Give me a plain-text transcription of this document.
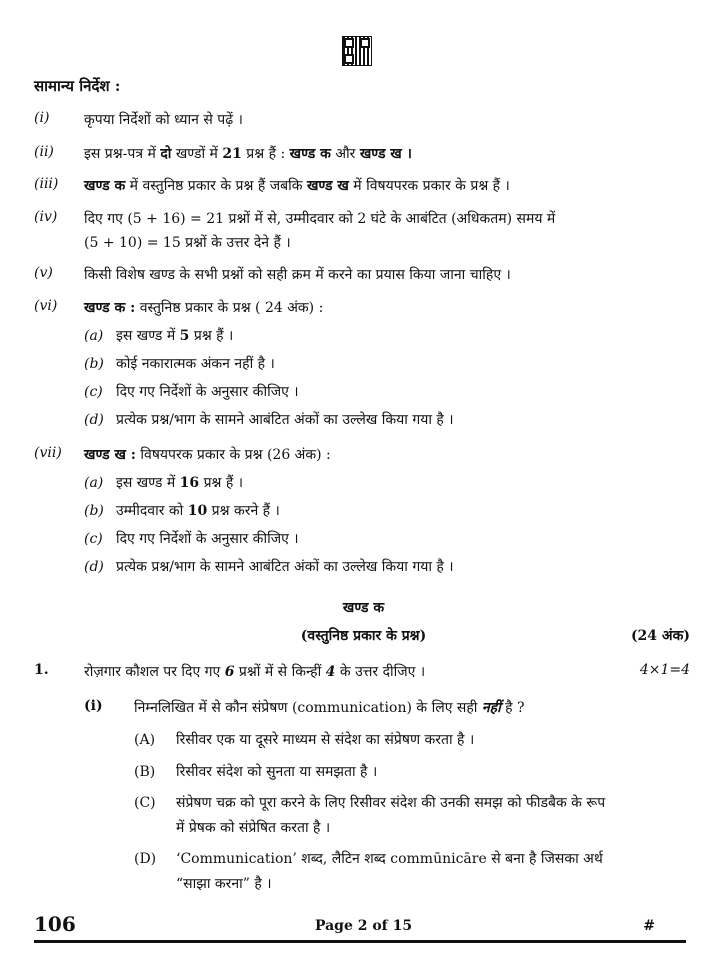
सामान्य निर्देश :
(i) कृपया निर्देशों को ध्यान से पढ़ें ।
(ii) इस प्रश्न-पत्र में दो खण्डों में 21 प्रश्न हैं : खण्ड क और खण्ड ख ।
(iii) खण्ड क में वस्तुनिष्ठ प्रकार के प्रश्न हैं जबकि खण्ड ख में विषयपरक प्रकार के प्रश्न हैं ।
(iv) दिए गए (5 + 16) = 21 प्रश्नों में से, उम्मीदवार को 2 घंटे के आबंटित (अधिकतम) समय में
(5 + 10) = 15 प्रश्नों के उत्तर देने हैं ।
(v) किसी विशेष खण्ड के सभी प्रश्नों को सही क्रम में करने का प्रयास किया जाना चाहिए ।
(vi) खण्ड क : वस्तुनिष्ठ प्रकार के प्रश्न ( 24 अंक) :
(a) इस खण्ड में 5 प्रश्न हैं ।
(b) कोई नकारात्मक अंकन नहीं है ।
(c) दिए गए निर्देशों के अनुसार कीजिए ।
(d) प्रत्येक प्रश्न/भाग के सामने आबंटित अंकों का उल्लेख किया गया है ।
(vii) खण्ड ख : विषयपरक प्रकार के प्रश्न (26 अंक) :
(a) इस खण्ड में 16 प्रश्न हैं ।
(b) उम्मीदवार को 10 प्रश्न करने हैं ।
(c) दिए गए निर्देशों के अनुसार कीजिए ।
(d) प्रत्येक प्रश्न/भाग के सामने आबंटित अंकों का उल्लेख किया गया है ।
खण्ड क
(वस्तुनिष्ठ प्रकार के प्रश्न)	(24 अंक)
1.	रोज़गार कौशल पर दिए गए 6 प्रश्नों में से किन्हीं 4 के उत्तर दीजिए ।	4×1=4
(i) निम्नलिखित में से कौन संप्रेषण (communication) के लिए सही नहीं है ?
(A) रिसीवर एक या दूसरे माध्यम से संदेश का संप्रेषण करता है ।
(B) रिसीवर संदेश को सुनता या समझता है ।
(C) संप्रेषण चक्र को पूरा करने के लिए रिसीवर संदेश की उनकी समझ को फीडबैक के रूप
में प्रेषक को संप्रेषित करता है ।
(D) ‘Communication’ शब्द, लैटिन शब्द commūnicāre से बना है जिसका अर्थ
“साझा करना” है ।
106	Page 2 of 15	#
